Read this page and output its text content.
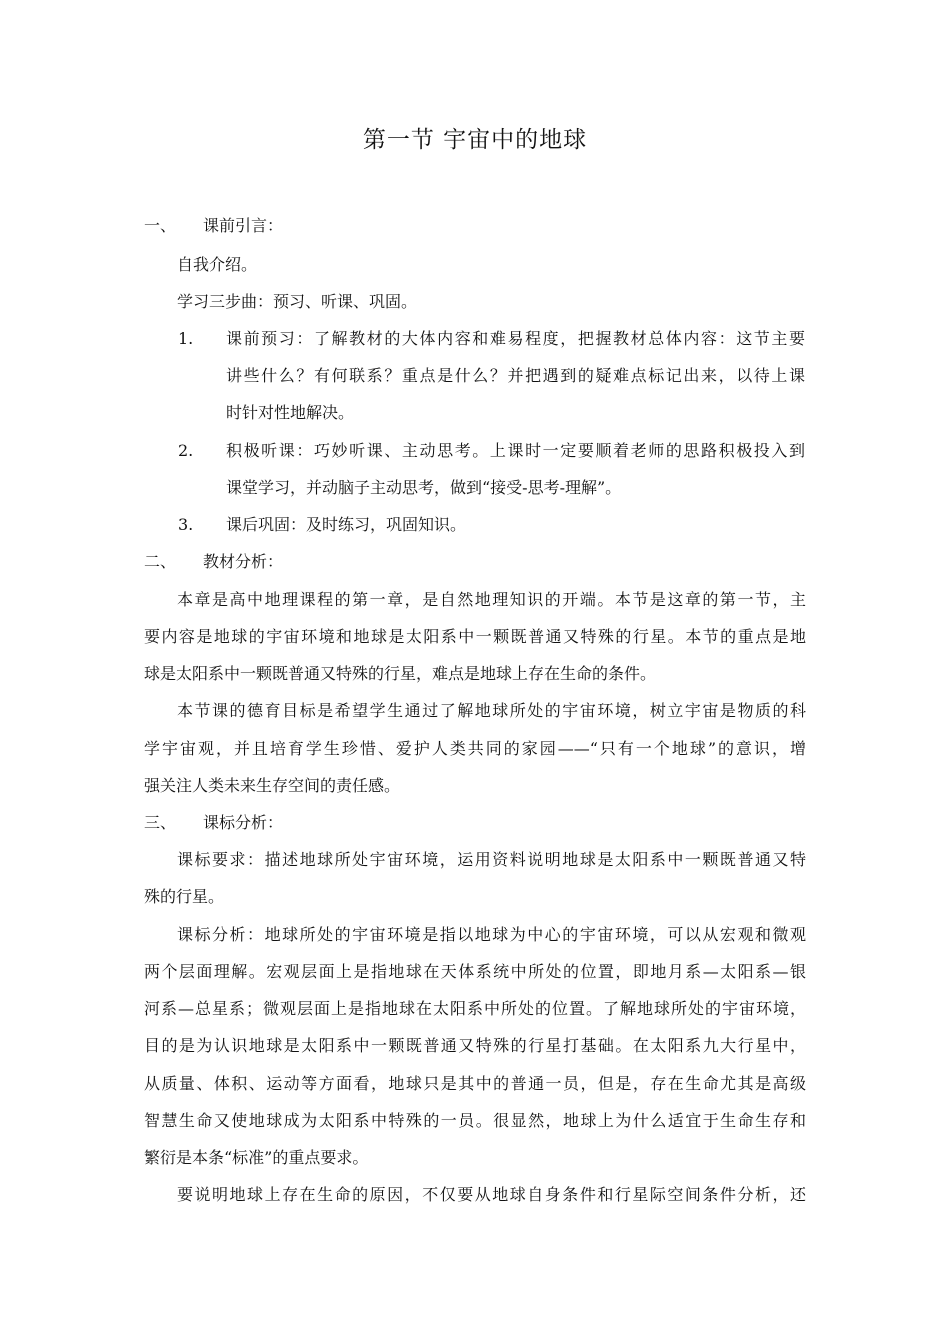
第一节 宇宙中的地球
一、 课前引言：
自我介绍。
学习三步曲：预习、听课、巩固。
1. 课前预习：了解教材的大体内容和难易程度，把握教材总体内容：这节主要
讲些什么？有何联系？重点是什么？并把遇到的疑难点标记出来，以待上课
时针对性地解决。
2. 积极听课：巧妙听课、主动思考。上课时一定要顺着老师的思路积极投入到
课堂学习，并动脑子主动思考，做到“接受-思考-理解”。
3. 课后巩固：及时练习，巩固知识。
二、 教材分析：
本章是高中地理课程的第一章，是自然地理知识的开端。本节是这章的第一节，主
要内容是地球的宇宙环境和地球是太阳系中一颗既普通又特殊的行星。本节的重点是地
球是太阳系中一颗既普通又特殊的行星，难点是地球上存在生命的条件。
本节课的德育目标是希望学生通过了解地球所处的宇宙环境，树立宇宙是物质的科
学宇宙观，并且培育学生珍惜、爱护人类共同的家园——“只有一个地球”的意识，增
强关注人类未来生存空间的责任感。
三、 课标分析：
课标要求：描述地球所处宇宙环境，运用资料说明地球是太阳系中一颗既普通又特
殊的行星。
课标分析：地球所处的宇宙环境是指以地球为中心的宇宙环境，可以从宏观和微观
两个层面理解。宏观层面上是指地球在天体系统中所处的位置，即地月系—太阳系—银
河系—总星系；微观层面上是指地球在太阳系中所处的位置。了解地球所处的宇宙环境，
目的是为认识地球是太阳系中一颗既普通又特殊的行星打基础。在太阳系九大行星中，
从质量、体积、运动等方面看，地球只是其中的普通一员，但是，存在生命尤其是高级
智慧生命又使地球成为太阳系中特殊的一员。很显然，地球上为什么适宜于生命生存和
繁衍是本条“标准”的重点要求。
要说明地球上存在生命的原因，不仅要从地球自身条件和行星际空间条件分析，还
